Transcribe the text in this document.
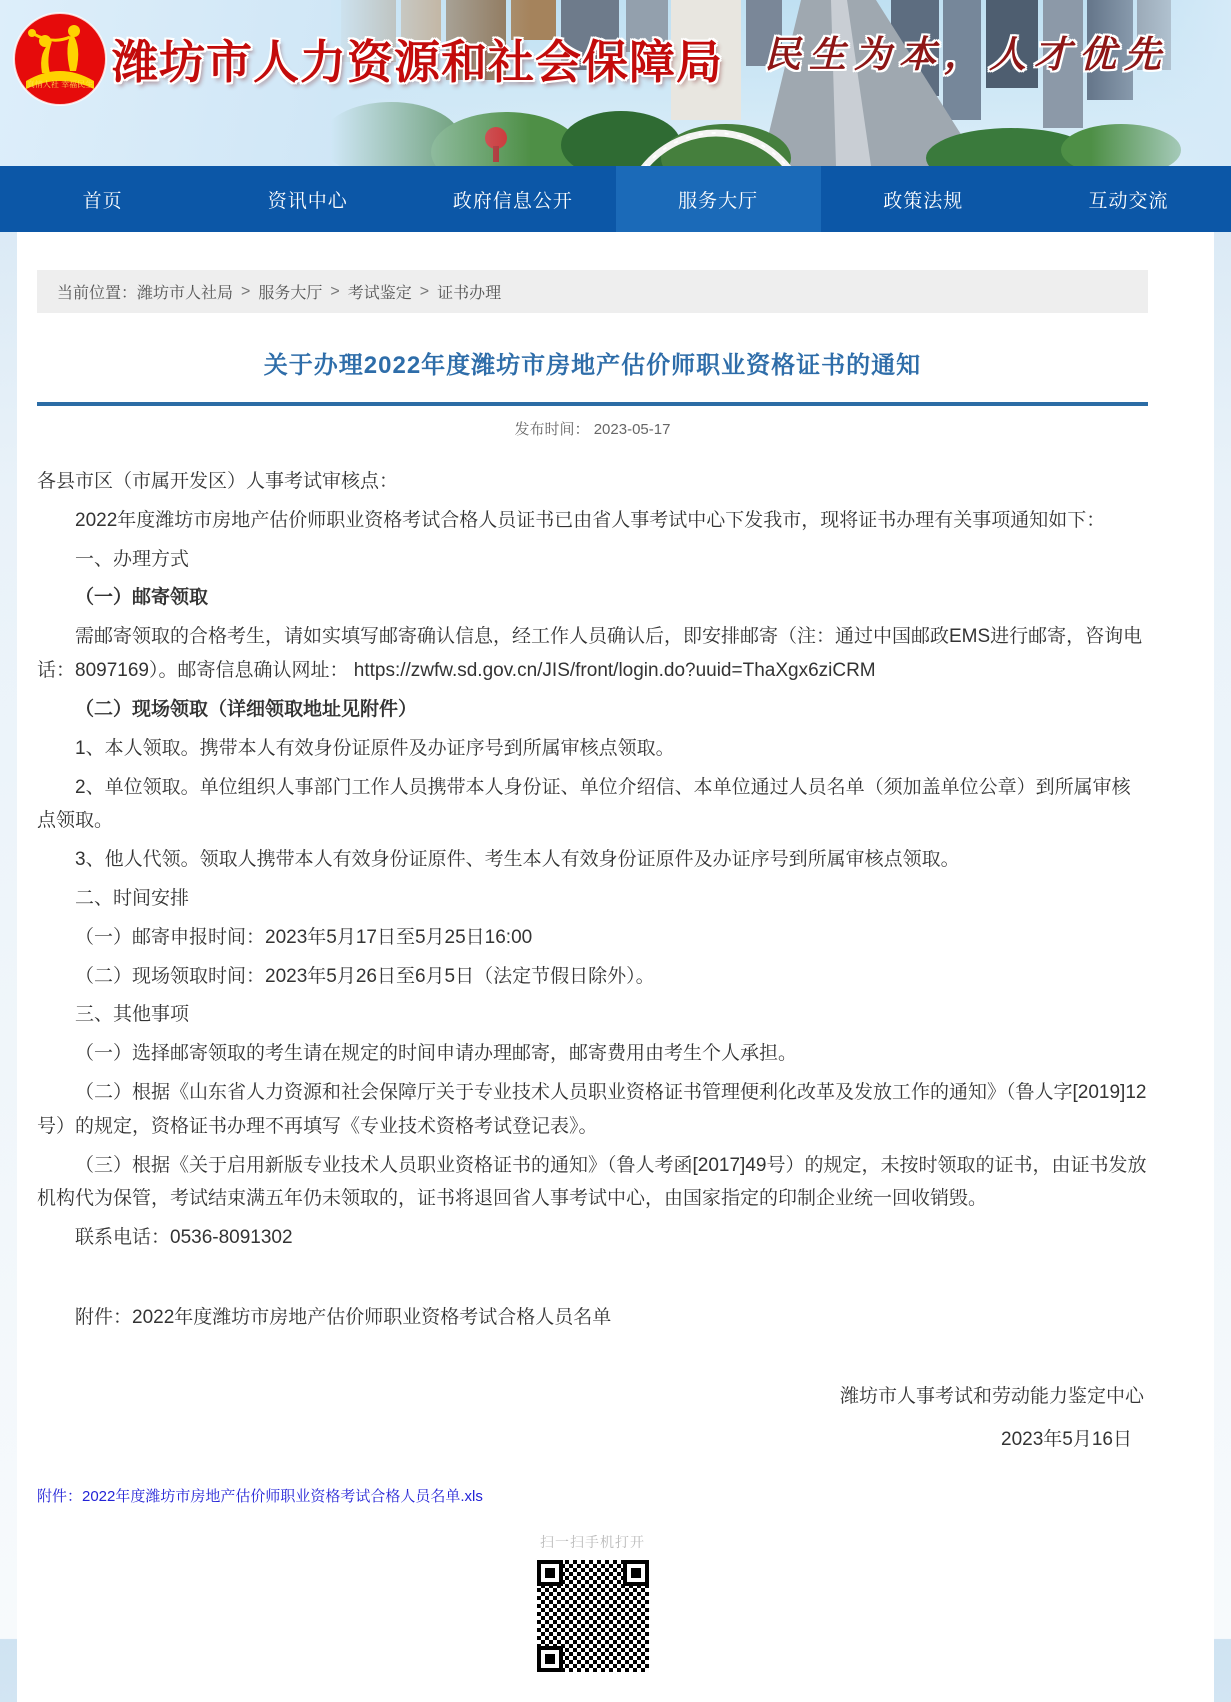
真情人社 幸福民生 潍坊市人力资源和社会保障局 民生为本，人才优先
首页	资讯中心	政府信息公开	服务大厅	政策法规	互动交流
当前位置： 潍坊市人社局 > 服务大厅 > 考试鉴定 > 证书办理
关于办理2022年度潍坊市房地产估价师职业资格证书的通知
发布时间： 2023-05-17

各县市区（市属开发区）人事考试审核点：

2022年度潍坊市房地产估价师职业资格考试合格人员证书已由省人事考试中心下发我市，现将证书办理有关事项通知如下：

一、办理方式

（一）邮寄领取

需邮寄领取的合格考生，请如实填写邮寄确认信息，经工作人员确认后，即安排邮寄（注：通过中国邮政EMS进行邮寄，咨询电话：8097169）。邮寄信息确认网址： https://zwfw.sd.gov.cn/JIS/front/login.do?uuid=ThaXgx6ziCRM

（二）现场领取（详细领取地址见附件）

1、本人领取。携带本人有效身份证原件及办证序号到所属审核点领取。

2、单位领取。单位组织人事部门工作人员携带本人身份证、单位介绍信、本单位通过人员名单（须加盖单位公章）到所属审核点领取。

3、他人代领。领取人携带本人有效身份证原件、考生本人有效身份证原件及办证序号到所属审核点领取。

二、时间安排

（一）邮寄申报时间：2023年5月17日至5月25日16:00

（二）现场领取时间：2023年5月26日至6月5日（法定节假日除外）。

三、其他事项

（一）选择邮寄领取的考生请在规定的时间申请办理邮寄，邮寄费用由考生个人承担。

（二）根据《山东省人力资源和社会保障厅关于专业技术人员职业资格证书管理便利化改革及发放工作的通知》（鲁人字[2019]12号）的规定，资格证书办理不再填写《专业技术资格考试登记表》。

（三）根据《关于启用新版专业技术人员职业资格证书的通知》（鲁人考函[2017]49号）的规定，未按时领取的证书，由证书发放机构代为保管，考试结束满五年仍未领取的，证书将退回省人事考试中心，由国家指定的印制企业统一回收销毁。

联系电话：0536-8091302

附件：2022年度潍坊市房地产估价师职业资格考试合格人员名单

潍坊市人事考试和劳动能力鉴定中心
2023年5月16日
附件：2022年度潍坊市房地产估价师职业资格考试合格人员名单.xls
扫一扫手机打开
